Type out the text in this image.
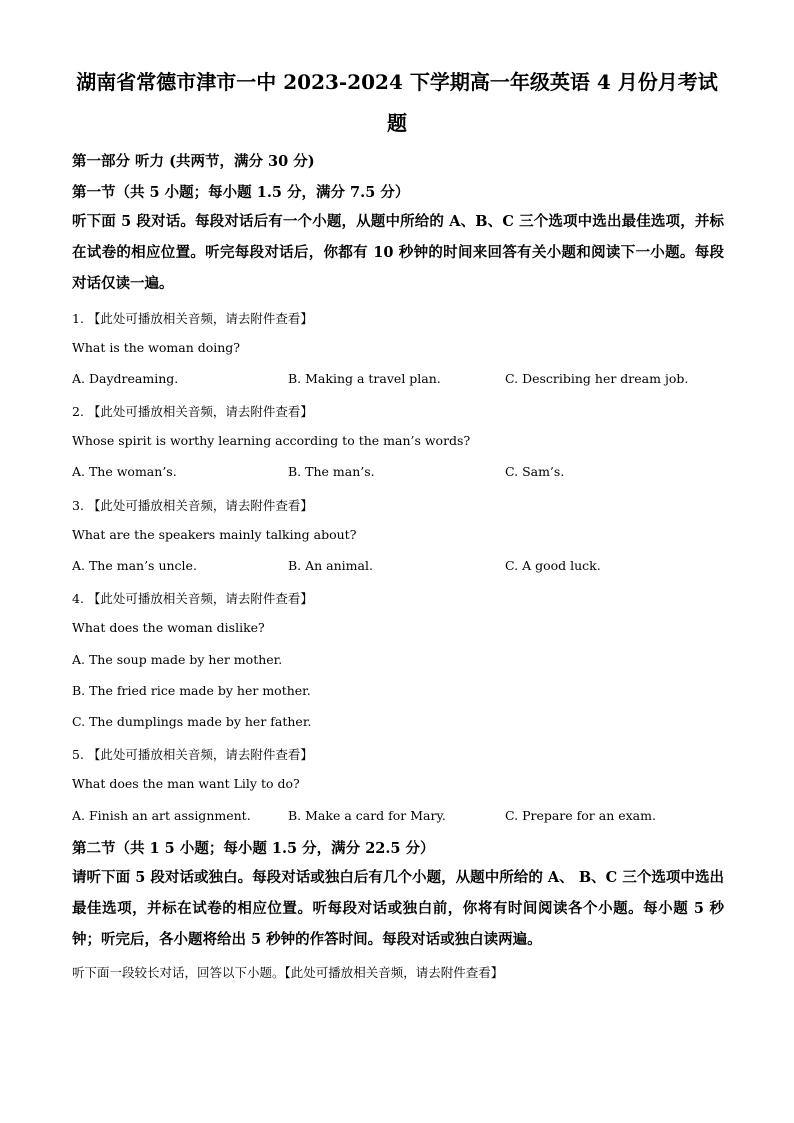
湖南省常德市津市一中 2023-2024 下学期高一年级英语 4 月份月考试
题
第一部分 听力 (共两节，满分 30 分)
第一节（共 5 小题；每小题 1.5 分，满分 7.5 分）
听下面 5 段对话。每段对话后有一个小题，从题中所给的 A、B、C 三个选项中选出最佳选项，并标在试卷的相应位置。听完每段对话后，你都有 10 秒钟的时间来回答有关小题和阅读下一小题。每段对话仅读一遍。
1. 【此处可播放相关音频，请去附件查看】
What is the woman doing?
A. Daydreaming.	B. Making a travel plan.	C. Describing her dream job.
2. 【此处可播放相关音频，请去附件查看】
Whose spirit is worthy learning according to the man’s words?
A. The woman’s.	B. The man’s.	C. Sam’s.
3. 【此处可播放相关音频，请去附件查看】
What are the speakers mainly talking about?
A. The man’s uncle.	B. An animal.	C. A good luck.
4. 【此处可播放相关音频，请去附件查看】
What does the woman dislike?
A. The soup made by her mother.
B. The fried rice made by her mother.
C. The dumplings made by her father.
5. 【此处可播放相关音频，请去附件查看】
What does the man want Lily to do?
A. Finish an art assignment.	B. Make a card for Mary.	C. Prepare for an exam.
第二节（共 1 5 小题；每小题 1.5 分，满分 22.5 分）
请听下面 5 段对话或独白。每段对话或独白后有几个小题，从题中所给的 A、 B、C 三个选项中选出最佳选项，并标在试卷的相应位置。听每段对话或独白前，你将有时间阅读各个小题。每小题 5 秒钟；听完后，各小题将给出 5 秒钟的作答时间。每段对话或独白读两遍。
听下面一段较长对话，回答以下小题。【此处可播放相关音频，请去附件查看】
